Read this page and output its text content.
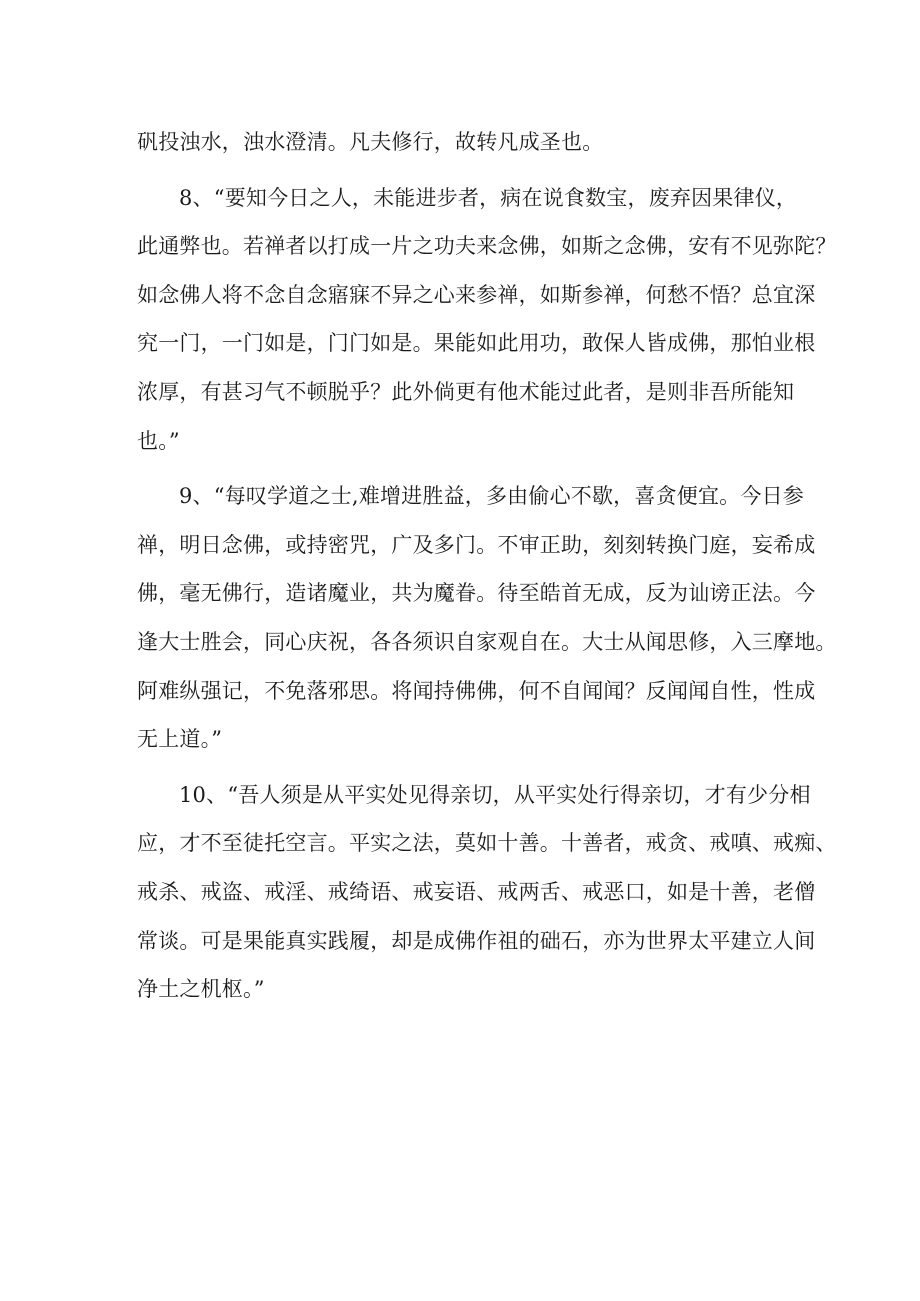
矾投浊水，浊水澄清。凡夫修行，故转凡成圣也。

8、“要知今日之人，未能进步者，病在说食数宝，废弃因果律仪，
此通弊也。若禅者以打成一片之功夫来念佛，如斯之念佛，安有不见弥陀？
如念佛人将不念自念寤寐不异之心来参禅，如斯参禅，何愁不悟？总宜深
究一门，一门如是，门门如是。果能如此用功，敢保人皆成佛，那怕业根
浓厚，有甚习气不顿脱乎？此外倘更有他术能过此者，是则非吾所能知
也。”

9、“每叹学道之士,难增进胜益，多由偷心不歇，喜贪便宜。今日参
禅，明日念佛，或持密咒，广及多门。不审正助，刻刻转换门庭，妄希成
佛，毫无佛行，造诸魔业，共为魔眷。待至皓首无成，反为讪谤正法。今
逢大士胜会，同心庆祝，各各须识自家观自在。大士从闻思修，入三摩地。
阿难纵强记，不免落邪思。将闻持佛佛，何不自闻闻？反闻闻自性，性成
无上道。”

10、“吾人须是从平实处见得亲切，从平实处行得亲切，才有少分相
应，才不至徒托空言。平实之法，莫如十善。十善者，戒贪、戒嗔、戒痴、
戒杀、戒盗、戒淫、戒绮语、戒妄语、戒两舌、戒恶口，如是十善，老僧
常谈。可是果能真实践履，却是成佛作祖的础石，亦为世界太平建立人间
净土之机枢。”
